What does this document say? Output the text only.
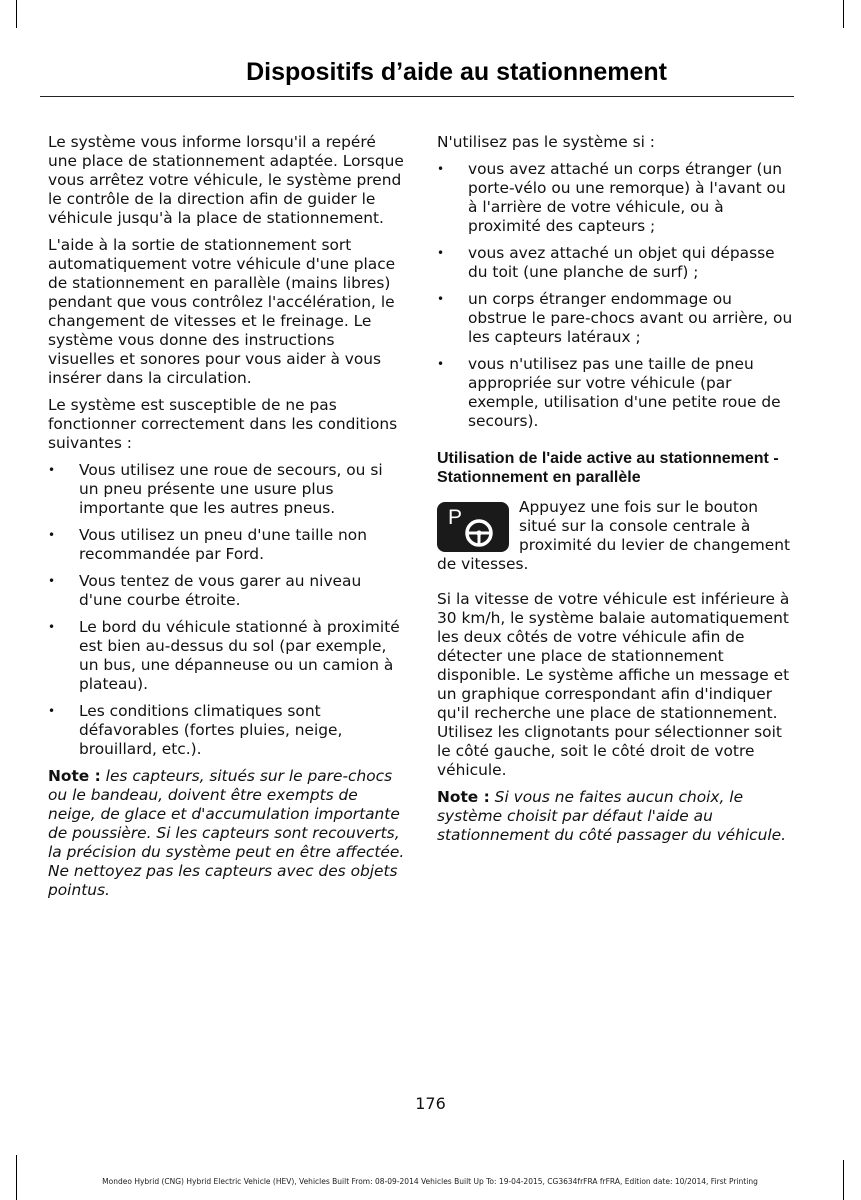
Dispositifs d’aide au stationnement

Le système vous informe lorsqu'il a repéré une place de stationnement adaptée. Lorsque vous arrêtez votre véhicule, le système prend le contrôle de la direction afin de guider le véhicule jusqu'à la place de stationnement.

L'aide à la sortie de stationnement sort automatiquement votre véhicule d'une place de stationnement en parallèle (mains libres) pendant que vous contrôlez l'accélération, le changement de vitesses et le freinage. Le système vous donne des instructions visuelles et sonores pour vous aider à vous insérer dans la circulation.

Le système est susceptible de ne pas fonctionner correctement dans les conditions suivantes :

• Vous utilisez une roue de secours, ou si un pneu présente une usure plus importante que les autres pneus.
• Vous utilisez un pneu d'une taille non recommandée par Ford.
• Vous tentez de vous garer au niveau d'une courbe étroite.
• Le bord du véhicule stationné à proximité est bien au-dessus du sol (par exemple, un bus, une dépanneuse ou un camion à plateau).
• Les conditions climatiques sont défavorables (fortes pluies, neige, brouillard, etc.).

Note : les capteurs, situés sur le pare-chocs ou le bandeau, doivent être exempts de neige, de glace et d'accumulation importante de poussière. Si les capteurs sont recouverts, la précision du système peut en être affectée. Ne nettoyez pas les capteurs avec des objets pointus.

N'utilisez pas le système si :

• vous avez attaché un corps étranger (un porte-vélo ou une remorque) à l'avant ou à l'arrière de votre véhicule, ou à proximité des capteurs ;
• vous avez attaché un objet qui dépasse du toit (une planche de surf) ;
• un corps étranger endommage ou obstrue le pare-chocs avant ou arrière, ou les capteurs latéraux ;
• vous n'utilisez pas une taille de pneu appropriée sur votre véhicule (par exemple, utilisation d'une petite roue de secours).
Utilisation de l'aide active au stationnement - Stationnement en parallèle
P	Appuyez une fois sur le bouton situé sur la console centrale à proximité du levier de changement de vitesses.

Si la vitesse de votre véhicule est inférieure à 30 km/h, le système balaie automatiquement les deux côtés de votre véhicule afin de détecter une place de stationnement disponible. Le système affiche un message et un graphique correspondant afin d'indiquer qu'il recherche une place de stationnement. Utilisez les clignotants pour sélectionner soit le côté gauche, soit le côté droit de votre véhicule.

Note : Si vous ne faites aucun choix, le système choisit par défaut l'aide au stationnement du côté passager du véhicule.

176

Mondeo Hybrid (CNG) Hybrid Electric Vehicle (HEV), Vehicles Built From: 08-09-2014 Vehicles Built Up To: 19-04-2015, CG3634frFRA frFRA, Edition date: 10/2014, First Printing
